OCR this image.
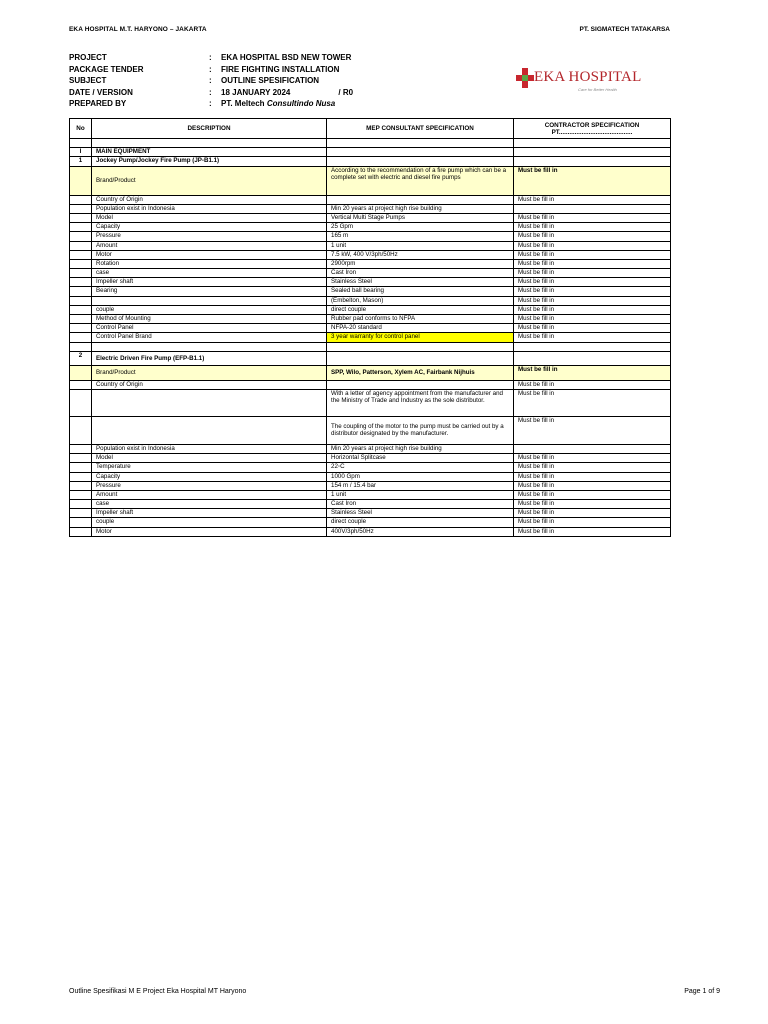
EKA HOSPITAL M.T. HARYONO – JAKARTA	PT. SIGMATECH TATAKARSA
PROJECT	:	EKA HOSPITAL BSD NEW TOWER
PACKAGE TENDER	:	FIRE FIGHTING INSTALLATION
SUBJECT	:	OUTLINE SPESIFICATION
DATE / VERSION	:	18 JANUARY 2024	/ R0
PREPARED BY	:	PT. Meltech Consultindo Nusa
EKA HOSPITAL
Care for Better Health
No	DESCRIPTION	MEP CONSULTANT SPECIFICATION	CONTRACTOR SPECIFICATION
PT..........................................

I	MAIN EQUIPMENT		
1	Jockey Pump/Jockey Fire Pump (JP-B1.1)		
	Brand/Product	According to the recommendation of a fire pump which can be a complete set with electric and diesel fire pumps	Must be fill in
	Country of Origin		Must be fill in
	Population exist in Indonesia	Min 20 years at project high rise building	
	Model	Vertical Multi Stage Pumps	Must be fill in
	Capacity	25 Gpm	Must be fill in
	Pressure	165 m	Must be fill in
	Amount	1 unit	Must be fill in
	Motor	7.5 kW, 400 V/3ph/50Hz	Must be fill in
	Rotation	2900rpm	Must be fill in
	case	Cast Iron	Must be fill in
	Impeller shaft	Stainless Steel	Must be fill in
	Bearing	Sealed ball bearing	Must be fill in
		(Embelton, Mason)	Must be fill in
	couple	direct couple	Must be fill in
	Method of Mounting	Rubber pad conforms to NFPA	Must be fill in
	Control Panel	NFPA-20 standard	Must be fill in
	Control Panel Brand	3 year warranty for control panel	Must be fill in

2	Electric Driven Fire Pump (EFP-B1.1)		
	Brand/Product	SPP, Wilo, Patterson, Xylem AC, Fairbank Nijhuis	Must be fill in
	Country of Origin		Must be fill in
		With a letter of agency appointment from the manufacturer and the Ministry of Trade and Industry as the sole distributor.	Must be fill in
		The coupling of the motor to the pump must be carried out by a distributor designated by the manufacturer.	Must be fill in
	Population exist in Indonesia	Min 20 years at project high rise building	
	Model	Horizontal Splitcase	Must be fill in
	Temperature	22◦C	Must be fill in
	Capacity	1000 Gpm	Must be fill in
	Pressure	154 m / 15.4 bar	Must be fill in
	Amount	1 unit	Must be fill in
	case	Cast Iron	Must be fill in
	Impeller shaft	Stainless Steel	Must be fill in
	couple	direct couple	Must be fill in
	Motor	400V/3ph/50Hz	Must be fill in
Outline Spesifikasi M E Project Eka Hospital MT Haryono	Page 1 of 9
